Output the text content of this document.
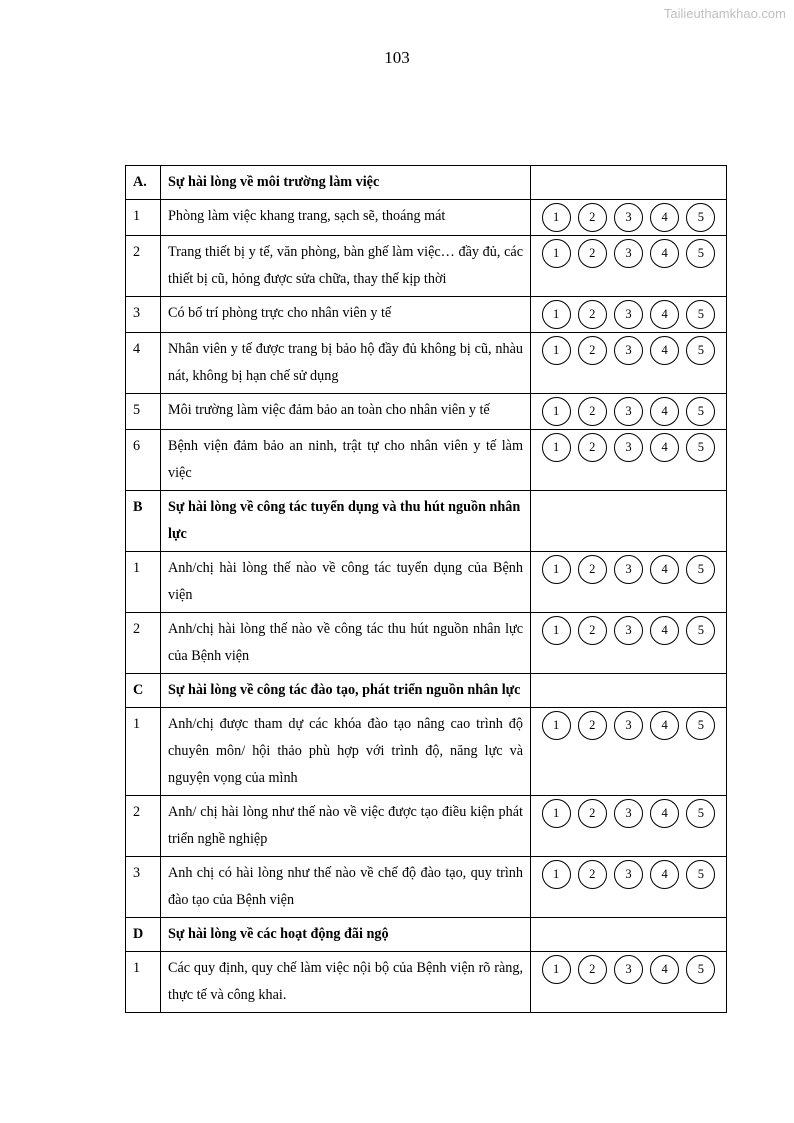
Tailieuthamkhao.com
103
A.	Sự hài lòng về môi trường làm việc	
1	Phòng làm việc khang trang, sạch sẽ, thoáng mát	1 2 3 4 5

2	Trang thiết bị y tế, văn phòng, bàn ghế làm việc… đầy đủ, các thiết bị cũ, hỏng được sửa chữa, thay thế kịp thời	1 2 3 4 5

3	Có bố trí phòng trực cho nhân viên y tế	1 2 3 4 5

4	Nhân viên y tế được trang bị bảo hộ đầy đủ không bị cũ, nhàu nát, không bị hạn chế sử dụng	1 2 3 4 5

5	Môi trường làm việc đảm bảo an toàn cho nhân viên y tế	1 2 3 4 5

6	Bệnh viện đảm bảo an ninh, trật tự cho nhân viên y tế làm việc	1 2 3 4 5

B	Sự hài lòng về công tác tuyển dụng và thu hút nguồn nhân lực	
1	Anh/chị hài lòng thế nào về công tác tuyển dụng của Bệnh viện	1 2 3 4 5

2	Anh/chị hài lòng thế nào về công tác thu hút nguồn nhân lực của Bệnh viện	1 2 3 4 5

C	Sự hài lòng về công tác đào tạo, phát triển nguồn nhân lực	
1	Anh/chị được tham dự các khóa đào tạo nâng cao trình độ chuyên môn/ hội thảo phù hợp với trình độ, năng lực và nguyện vọng của mình	1 2 3 4 5

2	Anh/ chị hài lòng như thế nào về việc được tạo điều kiện phát triển nghề nghiệp	1 2 3 4 5

3	Anh chị có hài lòng như thế nào về chế độ đào tạo, quy trình đào tạo của Bệnh viện	1 2 3 4 5

D	Sự hài lòng về các hoạt động đãi ngộ	
1	Các quy định, quy chế làm việc nội bộ của Bệnh viện rõ ràng, thực tế và công khai.	1 2 3 4 5
